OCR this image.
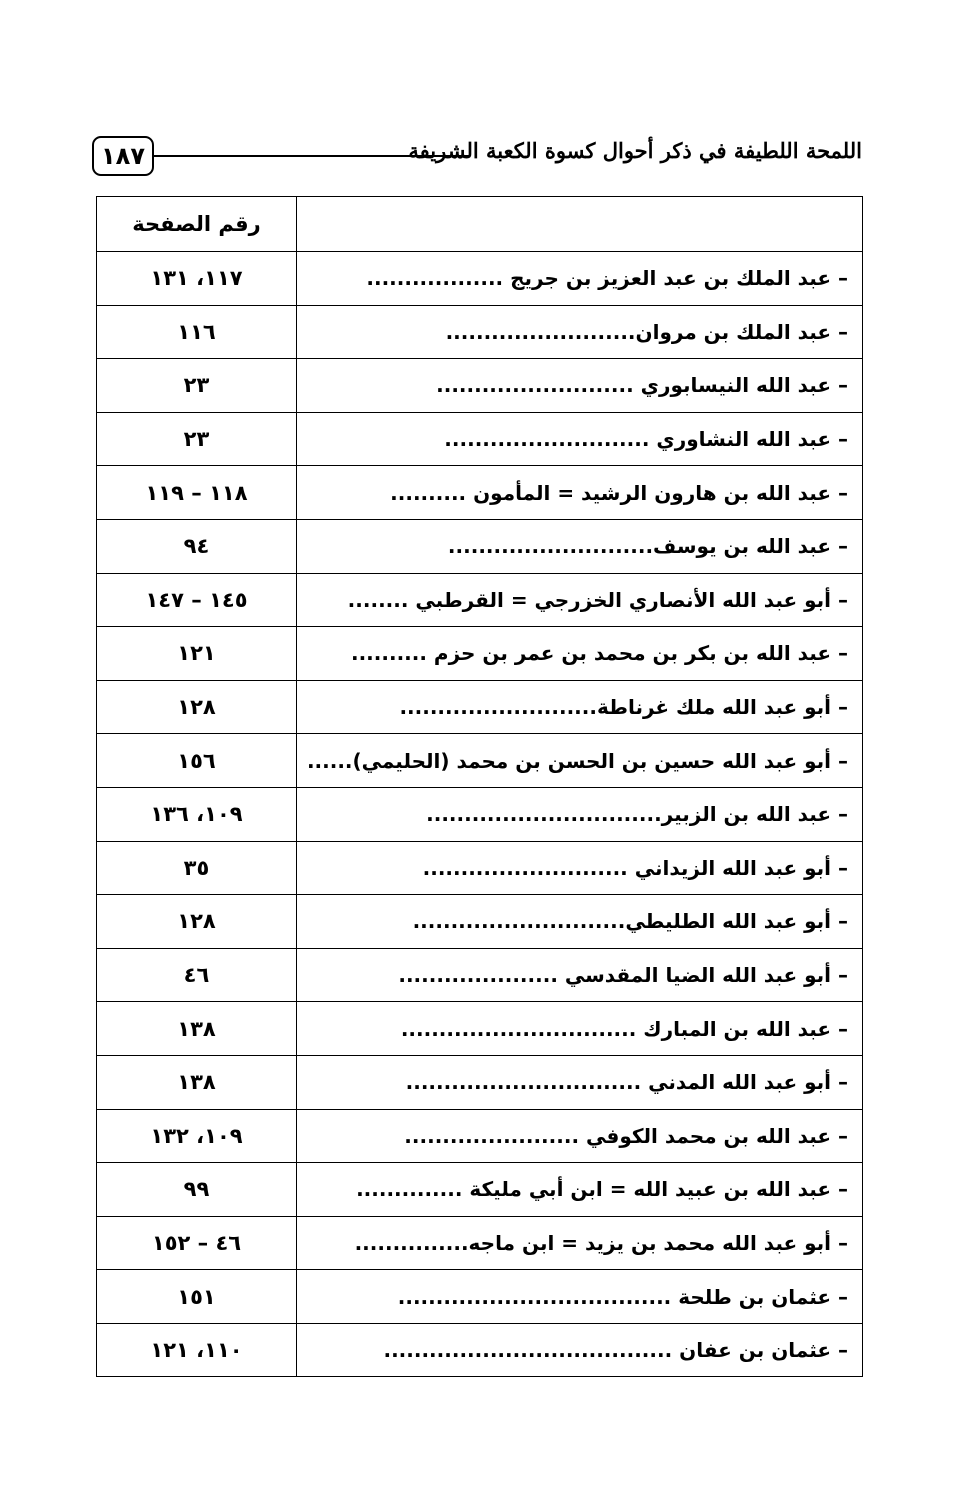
١٨٧	اللمحة اللطيفة في ذكر أحوال كسوة الكعبة الشريفة
	رقم الصفحة
– عبد الملك بن عبد العزيز بن جريج ..................	١١٧، ١٣١
– عبد الملك بن مروان.........................	١١٦
– عبد الله النيسابوري ..........................	٢٣
– عبد الله النشاوري ...........................	٢٣
– عبد الله بن هارون الرشيد = المأمون ..........	١١٨ – ١١٩
– عبد الله بن يوسف...........................	٩٤
– أبو عبد الله الأنصاري الخزرجي = القرطبي ........	١٤٥ – ١٤٧
– عبد الله بن بكر بن محمد بن عمر بن حزم ..........	١٢١
– أبو عبد الله ملك غرناطة..........................	١٢٨
– أبو عبد الله حسين بن الحسن بن محمد (الحليمي)......	١٥٦
– عبد الله بن الزبير...............................	١٠٩، ١٣٦
– أبو عبد الله الزيداني ...........................	٣٥
– أبو عبد الله الطليطي............................	١٢٨
– أبو عبد الله الضيا المقدسي .....................	٤٦
– عبد الله بن المبارك ...............................	١٣٨
– أبو عبد الله المدني ...............................	١٣٨
– عبد الله بن محمد الكوفي .......................	١٠٩، ١٣٢
– عبد الله بن عبيد الله = ابن أبي مليكة ..............	٩٩
– أبو عبد الله محمد بن يزيد = ابن ماجه...............	٤٦ – ١٥٢
– عثمان بن طلحة ....................................	١٥١
– عثمان بن عفان ......................................	١١٠، ١٢١
